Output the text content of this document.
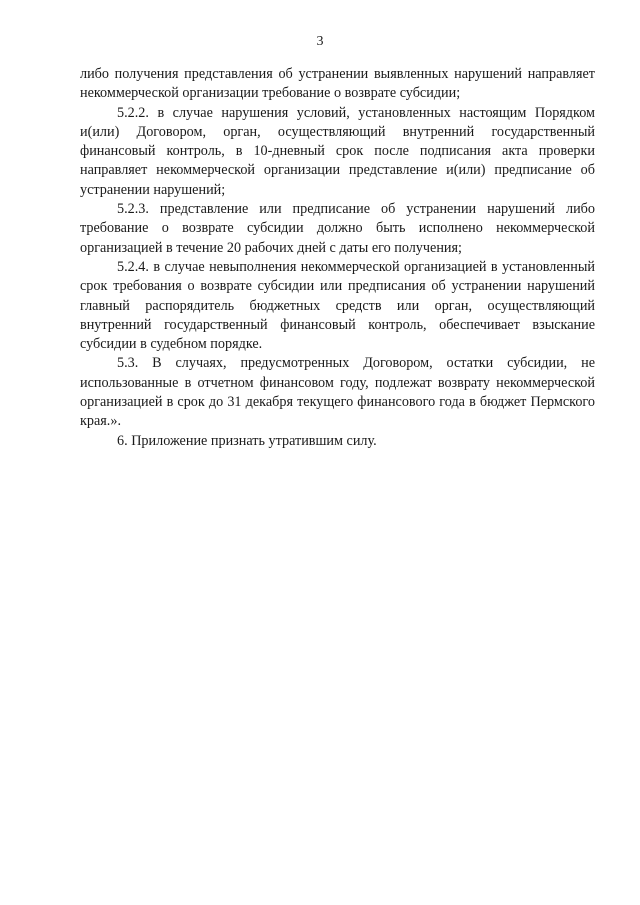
3

либо получения представления об устранении выявленных нарушений направляет некоммерческой организации требование о возврате субсидии;

5.2.2. в случае нарушения условий, установленных настоящим Порядком и(или) Договором, орган, осуществляющий внутренний государственный финансовый контроль, в 10-дневный срок после подписания акта проверки направляет некоммерческой организации представление и(или) предписание об устранении нарушений;

5.2.3. представление или предписание об устранении нарушений либо требование о возврате субсидии должно быть исполнено некоммерческой организацией в течение 20 рабочих дней с даты его получения;

5.2.4. в случае невыполнения некоммерческой организацией в установленный срок требования о возврате субсидии или предписания об устранении нарушений главный распорядитель бюджетных средств или орган, осуществляющий внутренний государственный финансовый контроль, обеспечивает взыскание субсидии в судебном порядке.

5.3. В случаях, предусмотренных Договором, остатки субсидии, не использованные в отчетном финансовом году, подлежат возврату некоммерческой организацией в срок до 31 декабря текущего финансового года в бюджет Пермского края.».

6. Приложение признать утратившим силу.
